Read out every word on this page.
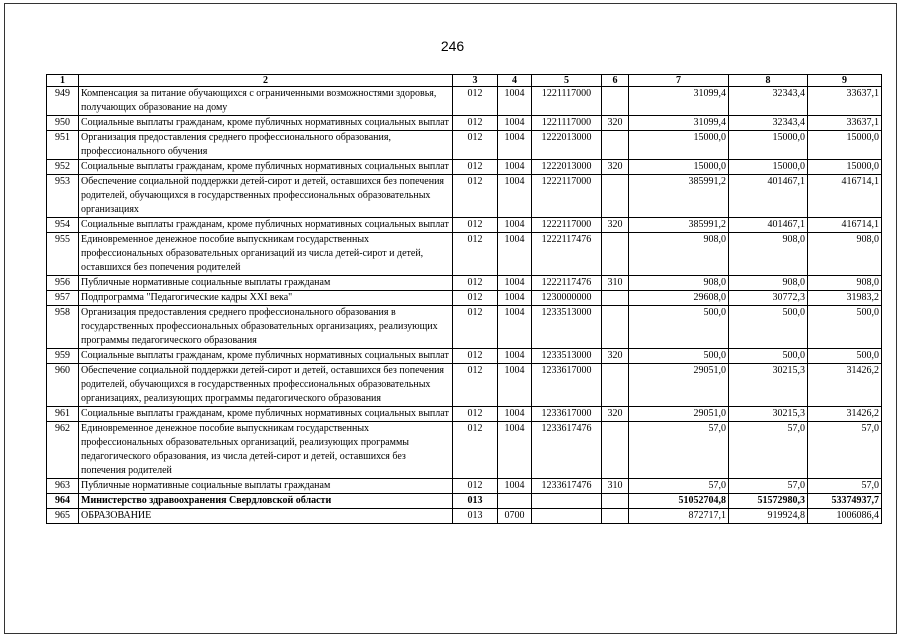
246
1	2	3	4	5	6	7	8	9
949	Компенсация за питание обучающихся с ограниченными возможностями здоровья, получающих образование на дому	012	1004	1221117000		31099,4	32343,4	33637,1
950	Социальные выплаты гражданам, кроме публичных нормативных социальных выплат	012	1004	1221117000	320	31099,4	32343,4	33637,1
951	Организация предоставления среднего профессионального образования, профессионального обучения	012	1004	1222013000		15000,0	15000,0	15000,0
952	Социальные выплаты гражданам, кроме публичных нормативных социальных выплат	012	1004	1222013000	320	15000,0	15000,0	15000,0
953	Обеспечение социальной поддержки детей-сирот и детей, оставшихся без попечения родителей, обучающихся в государственных профессиональных образовательных организациях	012	1004	1222117000		385991,2	401467,1	416714,1
954	Социальные выплаты гражданам, кроме публичных нормативных социальных выплат	012	1004	1222117000	320	385991,2	401467,1	416714,1
955	Единовременное денежное пособие выпускникам государственных профессиональных образовательных организаций из числа детей-сирот и детей, оставшихся без попечения родителей	012	1004	1222117476		908,0	908,0	908,0
956	Публичные нормативные социальные выплаты гражданам	012	1004	1222117476	310	908,0	908,0	908,0
957	Подпрограмма "Педагогические кадры XXI века"	012	1004	1230000000		29608,0	30772,3	31983,2
958	Организация предоставления среднего профессионального образования в государственных профессиональных образовательных организациях, реализующих программы педагогического образования	012	1004	1233513000		500,0	500,0	500,0
959	Социальные выплаты гражданам, кроме публичных нормативных социальных выплат	012	1004	1233513000	320	500,0	500,0	500,0
960	Обеспечение социальной поддержки детей-сирот и детей, оставшихся без попечения родителей, обучающихся в государственных профессиональных образовательных организациях, реализующих программы педагогического образования	012	1004	1233617000		29051,0	30215,3	31426,2
961	Социальные выплаты гражданам, кроме публичных нормативных социальных выплат	012	1004	1233617000	320	29051,0	30215,3	31426,2
962	Единовременное денежное пособие выпускникам государственных профессиональных образовательных организаций, реализующих программы педагогического образования, из числа детей-сирот и детей, оставшихся без попечения родителей	012	1004	1233617476		57,0	57,0	57,0
963	Публичные нормативные социальные выплаты гражданам	012	1004	1233617476	310	57,0	57,0	57,0
964	Министерство здравоохранения Свердловской области	013				51052704,8	51572980,3	53374937,7
965	ОБРАЗОВАНИЕ	013	0700			872717,1	919924,8	1006086,4
